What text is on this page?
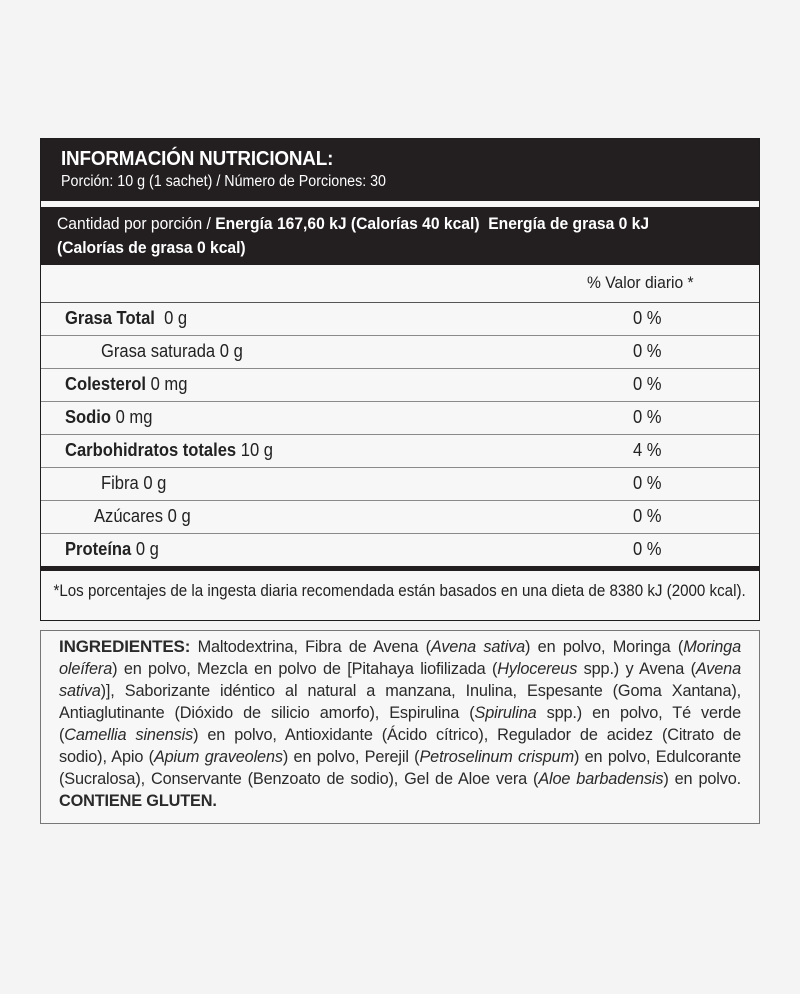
INFORMACIÓN NUTRICIONAL:
Porción: 10 g (1 sachet) / Número de Porciones: 30
Cantidad por porción / Energía 167,60 kJ (Calorías 40 kcal) Energía de grasa 0 kJ
(Calorías de grasa 0 kcal)
% Valor diario *
Grasa Total  0 g	0 %
Grasa saturada 0 g	0 %
Colesterol 0 mg	0 %
Sodio 0 mg	0 %
Carbohidratos totales 10 g	4 %
Fibra 0 g	0 %
Azúcares 0 g	0 %
Proteína 0 g	0 %
*Los porcentajes de la ingesta diaria recomendada están basados en una dieta de 8380 kJ (2000 kcal).

INGREDIENTES: Maltodextrina, Fibra de Avena (Avena sativa) en polvo, Moringa (Moringa oleífera) en polvo, Mezcla en polvo de [Pitahaya liofilizada (Hylocereus spp.) y Avena (Avena sativa)], Saborizante idéntico al natural a manzana, Inulina, Espesante (Goma Xantana), Antiaglutinante (Dióxido de silicio amorfo), Espirulina (Spirulina spp.) en polvo, Té verde (Camellia sinensis) en polvo, Antioxidante (Ácido cítrico), Regulador de acidez (Citrato de sodio), Apio (Apium graveolens) en polvo, Perejil (Petroselinum crispum) en polvo, Edulcorante (Sucralosa), Conservante (Benzoato de sodio), Gel de Aloe vera (Aloe barbadensis) en polvo. CONTIENE GLUTEN.
